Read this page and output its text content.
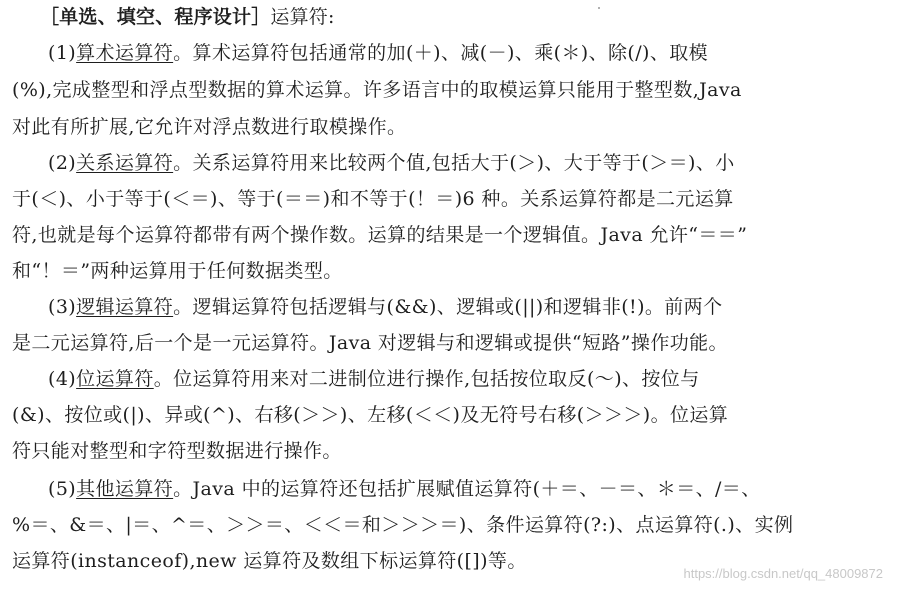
［单选、填空、程序设计］运算符:
(1)算术运算符。算术运算符包括通常的加(＋)、减(－)、乘(＊)、除(/)、取模
(%),完成整型和浮点型数据的算术运算。许多语言中的取模运算只能用于整型数,Java
对此有所扩展,它允许对浮点数进行取模操作。
(2)关系运算符。关系运算符用来比较两个值,包括大于(＞)、大于等于(＞＝)、小
于(＜)、小于等于(＜＝)、等于(＝＝)和不等于(！＝)6 种。关系运算符都是二元运算
符,也就是每个运算符都带有两个操作数。运算的结果是一个逻辑值。Java 允许“＝＝”
和“！＝”两种运算用于任何数据类型。
(3)逻辑运算符。逻辑运算符包括逻辑与(&&)、逻辑或(||)和逻辑非(!)。前两个
是二元运算符,后一个是一元运算符。Java 对逻辑与和逻辑或提供“短路”操作功能。
(4)位运算符。位运算符用来对二进制位进行操作,包括按位取反(～)、按位与
(&)、按位或(|)、异或(^)、右移(＞＞)、左移(＜＜)及无符号右移(＞＞＞)。位运算
符只能对整型和字符型数据进行操作。
(5)其他运算符。Java 中的运算符还包括扩展赋值运算符(＋＝、－＝、＊＝、/＝、
%＝、&＝、|＝、^＝、＞＞＝、＜＜＝和＞＞＞＝)、条件运算符(?:)、点运算符(.)、实例
运算符(instanceof),new 运算符及数组下标运算符([])等。
https://blog.csdn.net/qq_48009872
